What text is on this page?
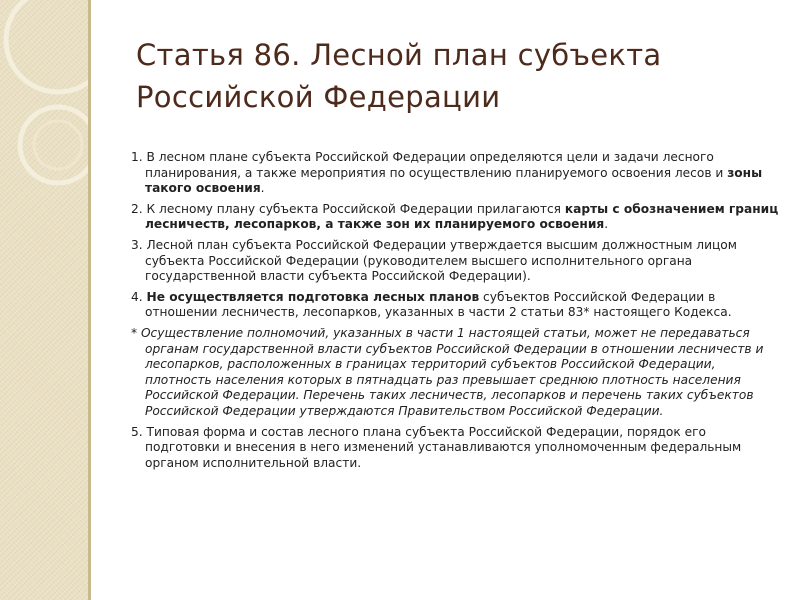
Статья 86. Лесной план субъекта Российской Федерации
1. В лесном плане субъекта Российской Федерации определяются цели и задачи лесного планирования, а также мероприятия по осуществлению планируемого освоения лесов и зоны такого освоения.
2. К лесному плану субъекта Российской Федерации прилагаются карты с обозначением границ лесничеств, лесопарков, а также зон их планируемого освоения.
3. Лесной план субъекта Российской Федерации утверждается высшим должностным лицом субъекта Российской Федерации (руководителем высшего исполнительного органа государственной власти субъекта Российской Федерации).
4. Не осуществляется подготовка лесных планов субъектов Российской Федерации в отношении лесничеств, лесопарков, указанных в части 2 статьи 83* настоящего Кодекса.
* Осуществление полномочий, указанных в части 1 настоящей статьи, может не передаваться органам государственной власти субъектов Российской Федерации в отношении лесничеств и лесопарков, расположенных в границах территорий субъектов Российской Федерации, плотность населения которых в пятнадцать раз превышает среднюю плотность населения Российской Федерации. Перечень таких лесничеств, лесопарков и перечень таких субъектов Российской Федерации утверждаются Правительством Российской Федерации.
5. Типовая форма и состав лесного плана субъекта Российской Федерации, порядок его подготовки и внесения в него изменений устанавливаются уполномоченным федеральным органом исполнительной власти.
